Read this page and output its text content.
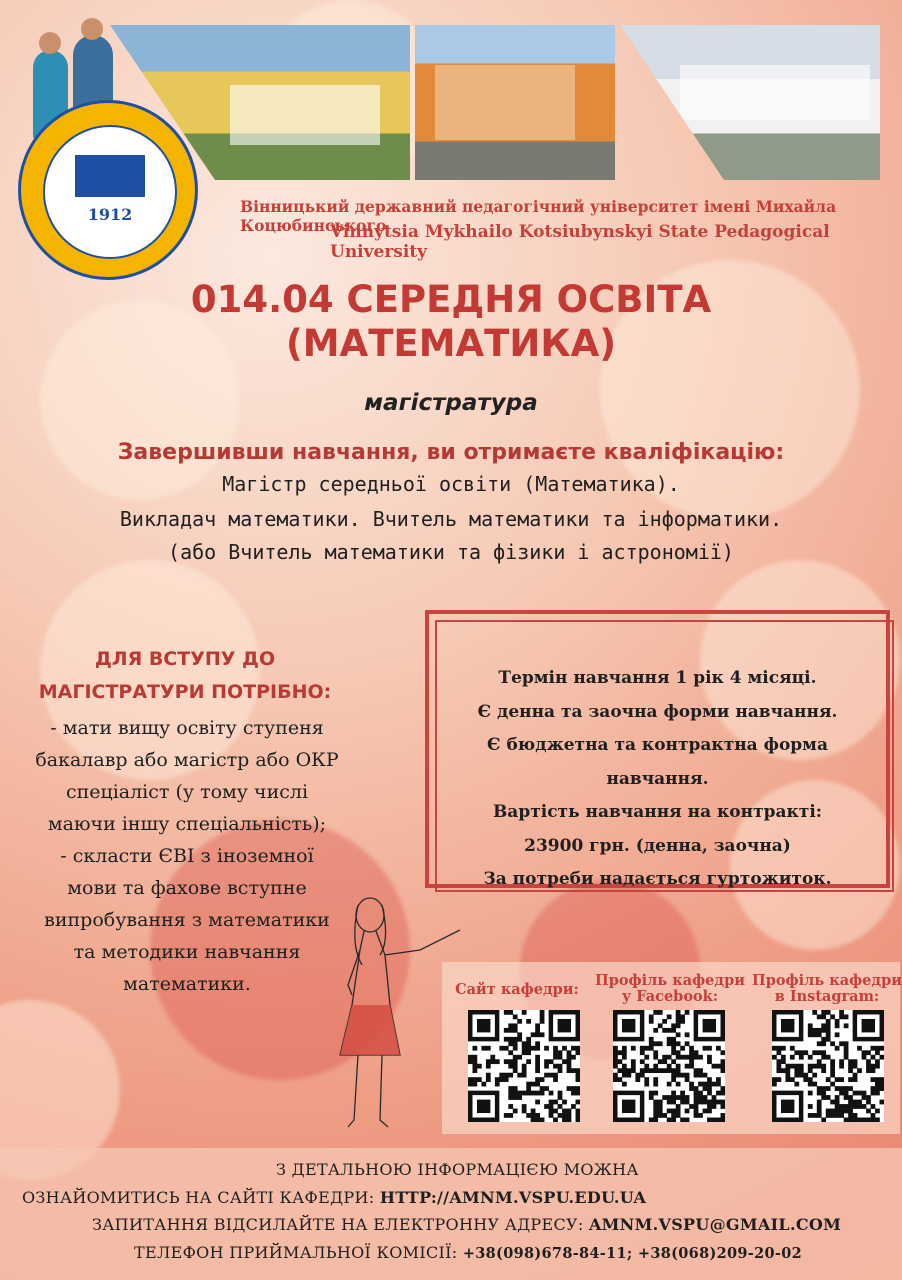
1912	Вінницький державний педагогічний університет імені Михайла Коцюбинського
Vinnytsia Mykhailo Kotsiubynskyi State Pedagogical University
014.04 СЕРЕДНЯ ОСВІТА
(МАТЕМАТИКА)
магістратура
Завершивши навчання, ви отримаєте кваліфікацію:
Магістр середньої освіти (Математика).
Викладач математики. Вчитель математики та інформатики.
(або Вчитель математики та фізики і астрономії)
ДЛЯ ВСТУПУ ДО
МАГІСТРАТУРИ ПОТРІБНО:
- мати вищу освіту ступеня
бакалавр або магістр або ОКР
спеціаліст (у тому числі
маючи іншу спеціальність);
- скласти ЄВІ з іноземної
мови та фахове вступне
випробування з математики
та методики навчання
математики.
Термін навчання 1 рік 4 місяці.
Є денна та заочна форми навчання.
Є бюджетна та контрактна форма
навчання.
Вартість навчання на контракті:
23900 грн. (денна, заочна)
За потреби надається гуртожиток.
Сайт кафедри:
Профіль кафедри
у Facebook:
Профіль кафедри
в Instagram:
З ДЕТАЛЬНОЮ ІНФОРМАЦІЄЮ МОЖНА
ОЗНАЙОМИТИСЬ НА САЙТІ КАФЕДРИ: HTTP://AMNM.VSPU.EDU.UA
ЗАПИТАННЯ ВІДСИЛАЙТЕ НА ЕЛЕКТРОННУ АДРЕСУ: AMNM.VSPU@GMAIL.COM
ТЕЛЕФОН ПРИЙМАЛЬНОЇ КОМІСІЇ: +38(098)678-84-11; +38(068)209-20-02
